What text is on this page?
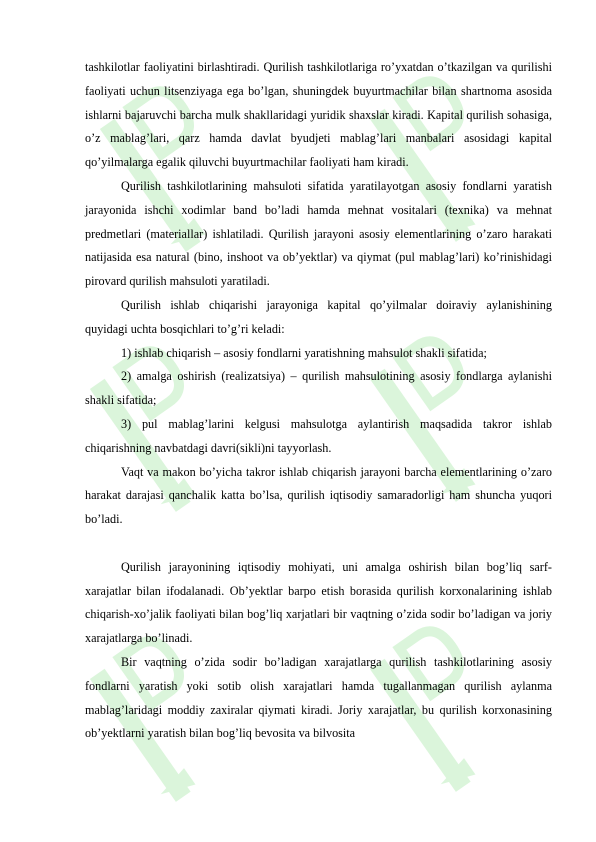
tashkilotlar faoliyatini birlashtiradi. Qurilish tashkilotlariga ro’yxatdan o’tkazilgan va qurilishi faoliyati uchun litsenziyaga ega bo’lgan, shuningdek buyurtmachilar bilan shartnoma asosida ishlarni bajaruvchi barcha mulk shakllaridagi yuridik shaxslar kiradi. Kapital qurilish sohasiga, o’z mablag’lari, qarz hamda davlat byudjeti mablag’lari manbalari asosidagi kapital qo’yilmalarga egalik qiluvchi buyurtmachilar faoliyati ham kiradi.

Qurilish tashkilotlarining mahsuloti sifatida yaratilayotgan asosiy fondlarni yaratish jarayonida ishchi xodimlar band bo’ladi hamda mehnat vositalari (texnika) va mehnat predmetlari (materiallar) ishlatiladi. Qurilish jarayoni asosiy elementlarining o’zaro harakati natijasida esa natural (bino, inshoot va ob’yektlar) va qiymat (pul mablag’lari) ko’rinishidagi pirovard qurilish mahsuloti yaratiladi.

Qurilish ishlab chiqarishi jarayoniga kapital qo’yilmalar doiraviy aylanishining quyidagi uchta bosqichlari to’g’ri keladi:

1) ishlab chiqarish – asosiy fondlarni yaratishning mahsulot shakli sifatida;

2) amalga oshirish (realizatsiya) – qurilish mahsulotining asosiy fondlarga aylanishi shakli sifatida;

3) pul mablag’larini kelgusi mahsulotga aylantirish maqsadida takror ishlab chiqarishning navbatdagi davri(sikli)ni tayyorlash.

Vaqt va makon bo’yicha takror ishlab chiqarish jarayoni barcha elementlarining o’zaro harakat darajasi qanchalik katta bo’lsa, qurilish iqtisodiy samaradorligi ham shuncha yuqori bo’ladi.

Qurilish jarayonining iqtisodiy mohiyati, uni amalga oshirish bilan bog’liq sarf-xarajatlar bilan ifodalanadi. Ob’yektlar barpo etish borasida qurilish korxonalarining ishlab chiqarish-xo’jalik faoliyati bilan bog’liq xarjatlari bir vaqtning o’zida sodir bo’ladigan va joriy xarajatlarga bo’linadi.

Bir vaqtning o’zida sodir bo’ladigan xarajatlarga qurilish tashkilotlarining asosiy fondlarni yaratish yoki sotib olish xarajatlari hamda tugallanmagan qurilish aylanma mablag’laridagi moddiy zaxiralar qiymati kiradi. Joriy xarajatlar, bu qurilish korxonasining ob’yektlarni yaratish bilan bog’liq bevosita va bilvosita
